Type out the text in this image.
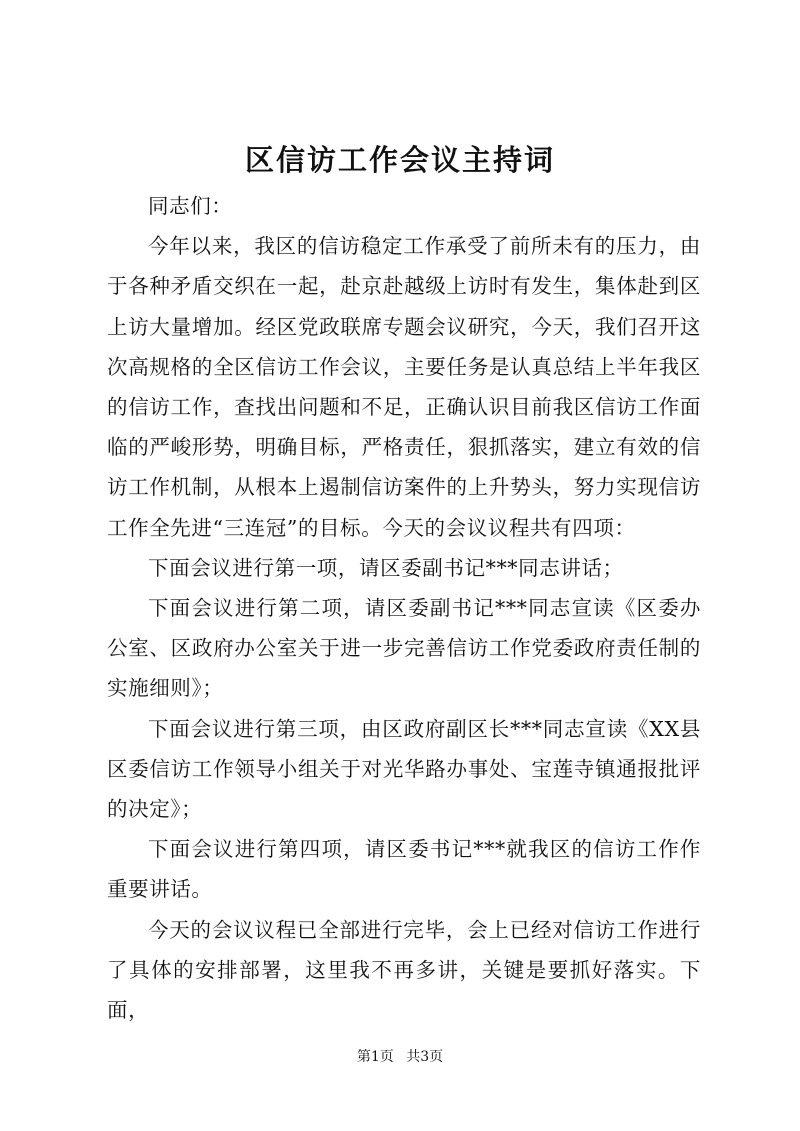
区信访工作会议主持词

同志们：

今年以来，我区的信访稳定工作承受了前所未有的压力，由于各种矛盾交织在一起，赴京赴越级上访时有发生，集体赴到区上访大量增加。经区党政联席专题会议研究，今天，我们召开这次高规格的全区信访工作会议，主要任务是认真总结上半年我区的信访工作，查找出问题和不足，正确认识目前我区信访工作面临的严峻形势，明确目标，严格责任，狠抓落实，建立有效的信访工作机制，从根本上遏制信访案件的上升势头，努力实现信访工作全先进“三连冠”的目标。今天的会议议程共有四项：

下面会议进行第一项，请区委副书记***同志讲话；

下面会议进行第二项，请区委副书记***同志宣读《区委办公室、区政府办公室关于进一步完善信访工作党委政府责任制的实施细则》；

下面会议进行第三项，由区政府副区长***同志宣读《XX县区委信访工作领导小组关于对光华路办事处、宝莲寺镇通报批评的决定》；

下面会议进行第四项，请区委书记***就我区的信访工作作重要讲话。

今天的会议议程已全部进行完毕，会上已经对信访工作进行了具体的安排部署，这里我不再多讲，关键是要抓好落实。下面，

第1页 共3页
